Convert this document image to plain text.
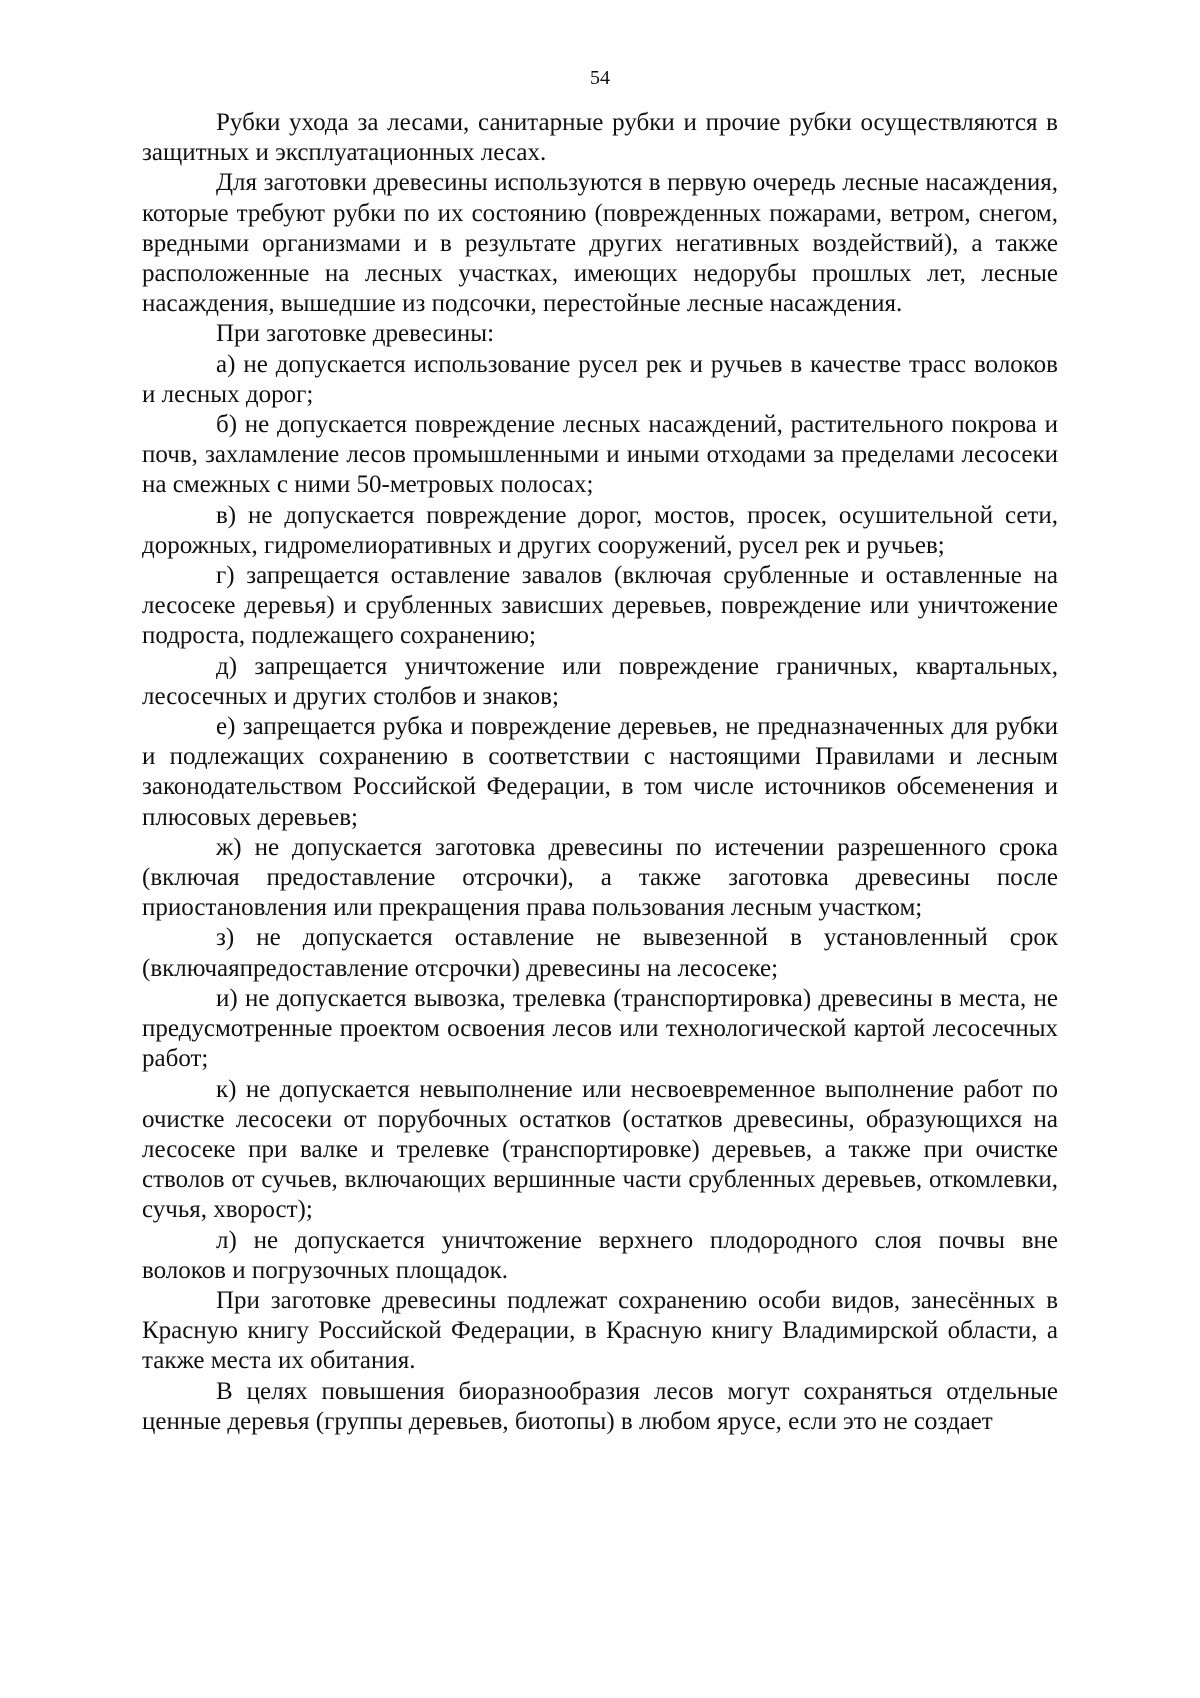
54

Рубки ухода за лесами, санитарные рубки и прочие рубки осуществляются в защитных и эксплуатационных лесах.

Для заготовки древесины используются в первую очередь лесные насаждения, которые требуют рубки по их состоянию (поврежденных пожарами, ветром, снегом, вредными организмами и в результате других негативных воздействий), а также расположенные на лесных участках, имеющих недорубы прошлых лет, лесные насаждения, вышедшие из подсочки, перестойные лесные насаждения.

При заготовке древесины:

а) не допускается использование русел рек и ручьев в качестве трасс волоков и лесных дорог;

б) не допускается повреждение лесных насаждений, растительного покрова и почв, захламление лесов промышленными и иными отходами за пределами лесосеки на смежных с ними 50-метровых полосах;

в) не допускается повреждение дорог, мостов, просек, осушительной сети, дорожных, гидромелиоративных и других сооружений, русел рек и ручьев;

г) запрещается оставление завалов (включая срубленные и оставленные на лесосеке деревья) и срубленных зависших деревьев, повреждение или уничтожение подроста, подлежащего сохранению;

д) запрещается уничтожение или повреждение граничных, квартальных, лесосечных и других столбов и знаков;

е) запрещается рубка и повреждение деревьев, не предназначенных для рубки и подлежащих сохранению в соответствии с настоящими Правилами и лесным законодательством Российской Федерации, в том числе источников обсеменения и плюсовых деревьев;

ж) не допускается заготовка древесины по истечении разрешенного срока (включая предоставление отсрочки), а также заготовка древесины после приостановления или прекращения права пользования лесным участком;

з) не допускается оставление не вывезенной в установленный срок (включаяпредоставление отсрочки) древесины на лесосеке;

и) не допускается вывозка, трелевка (транспортировка) древесины в места, не предусмотренные проектом освоения лесов или технологической картой лесосечных работ;

к) не допускается невыполнение или несвоевременное выполнение работ по очистке лесосеки от порубочных остатков (остатков древесины, образующихся на лесосеке при валке и трелевке (транспортировке) деревьев, а также при очистке стволов от сучьев, включающих вершинные части срубленных деревьев, откомлевки, сучья, хворост);

л) не допускается уничтожение верхнего плодородного слоя почвы вне волоков и погрузочных площадок.

При заготовке древесины подлежат сохранению особи видов, занесённых в Красную книгу Российской Федерации, в Красную книгу Владимирской области, а также места их обитания.

В целях повышения биоразнообразия лесов могут сохраняться отдельные ценные деревья (группы деревьев, биотопы) в любом ярусе, если это не создает
